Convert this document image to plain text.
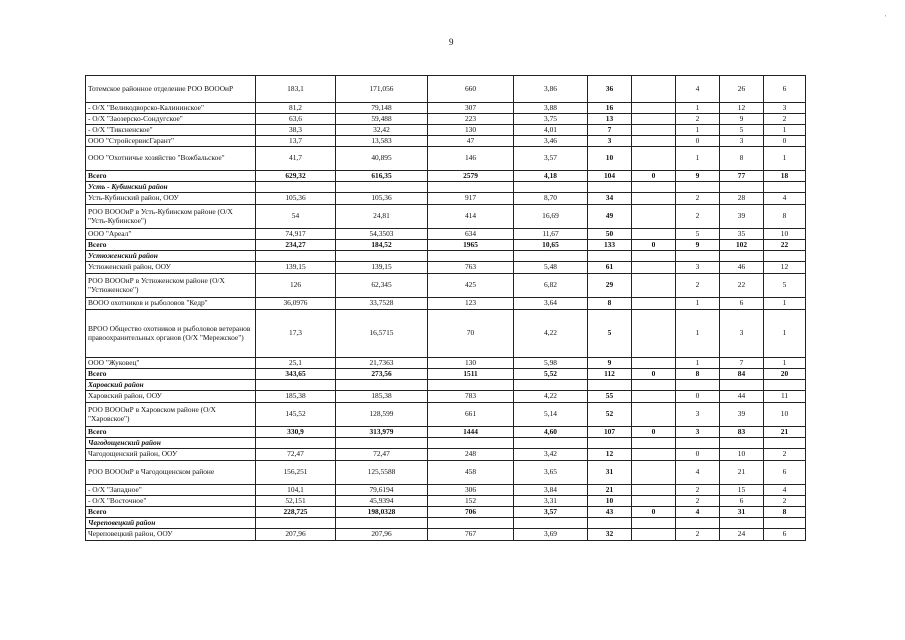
9
'
Тотемское районное отделение РОО ВОООиР	183,1	171,056	660	3,86	36		4	26	6
- О/Х "Великодворско-Калининское"	81,2	79,148	307	3,88	16		1	12	3
- О/Х "Заозерско-Сондугское"	63,6	59,488	223	3,75	13		2	9	2
- О/Х "Тиксненское"	38,3	32,42	130	4,01	7		1	5	1
ООО "СтройсервисГарант"	13,7	13,583	47	3,46	3		0	3	0
ООО "Охотничье хозяйство "Вожбальское"	41,7	40,895	146	3,57	10		1	8	1
Всего	629,32	616,35	2579	4,18	104	0	9	77	18
Усть - Кубинский район									
Усть-Кубинский район, ООУ	105,36	105,36	917	8,70	34		2	28	4
РОО ВОООиР в Усть-Кубинском районе (О/Х "Усть-Кубинское")	54	24,81	414	16,69	49		2	39	8
ООО "Ареал"	74,917	54,3503	634	11,67	50		5	35	10
Всего	234,27	184,52	1965	10,65	133	0	9	102	22
Устюженский район									
Устюженский район, ООУ	139,15	139,15	763	5,48	61		3	46	12
РОО ВОООиР в Устюженском районе (О/Х "Устюженское")	126	62,345	425	6,82	29		2	22	5
ВООО охотников и рыболовов "Кедр"	36,0976	33,7528	123	3,64	8		1	6	1
ВРОО Общество охотников и рыболовов ветеранов правоохранительных органов (О/Х "Мережское")	17,3	16,5715	70	4,22	5		1	3	1
ООО "Жуковец"	25,1	21,7363	130	5,98	9		1	7	1
Всего	343,65	273,56	1511	5,52	112	0	8	84	20
Харовский район									
Харовский район, ООУ	185,38	185,38	783	4,22	55		0	44	11
РОО ВОООиР в Харовском районе (О/Х "Харовское")	145,52	128,599	661	5,14	52		3	39	10
Всего	330,9	313,979	1444	4,60	107	0	3	83	21
Чагодощенский район									
Чагодощенский район, ООУ	72,47	72,47	248	3,42	12		0	10	2
РОО ВОООиР в Чагодощенском районе	156,251	125,5588	458	3,65	31		4	21	6
- О/Х "Западное"	104,1	79,6194	306	3,84	21		2	15	4
- О/Х "Восточное"	52,151	45,9394	152	3,31	10		2	6	2
Всего	228,725	198,0328	706	3,57	43	0	4	31	8
Череповецкий район									
Череповецкий район, ООУ	207,96	207,96	767	3,69	32		2	24	6
